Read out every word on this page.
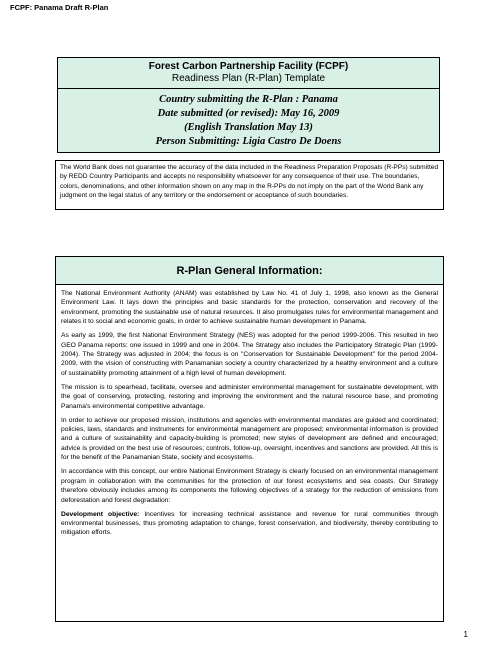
FCPF: Panama Draft R-Plan
Forest Carbon Partnership Facility (FCPF)
Readiness Plan (R-Plan) Template
Country submitting the R-Plan : Panama
Date submitted (or revised): May 16, 2009
(English Translation May 13)
Person Submitting: Ligia Castro De Doens
The World Bank does not guarantee the accuracy of the data included in the Readiness Preparation Proposals (R-PPs) submitted by REDD Country Participants and accepts no responsibility whatsoever for any consequence of their use. The boundaries, colors, denominations, and other information shown on any map in the R-PPs do not imply on the part of the World Bank any judgment on the legal status of any territory or the endorsement or acceptance of such boundaries.
R-Plan General Information:

The National Environment Authority (ANAM) was established by Law No. 41 of July 1, 1998, also known as the General Environment Law. It lays down the principles and basic standards for the protection, conservation and recovery of the environment, promoting the sustainable use of natural resources. It also promulgates rules for environmental management and relates it to social and economic goals, in order to achieve sustainable human development in Panama.

As early as 1999, the first National Environment Strategy (NES) was adopted for the period 1999-2006. This resulted in two GEO Panama reports: one issued in 1999 and one in 2004. The Strategy also includes the Participatory Strategic Plan (1999-2004). The Strategy was adjusted in 2004; the focus is on "Conservation for Sustainable Development" for the period 2004-2009, with the vision of constructing with Panamanian society a country characterized by a healthy environment and a culture of sustainability promoting attainment of a high level of human development.

The mission is to spearhead, facilitate, oversee and administer environmental management for sustainable development, with the goal of conserving, protecting, restoring and improving the environment and the natural resource base, and promoting Panama's environmental competitive advantage.

In order to achieve our proposed mission, institutions and agencies with environmental mandates are guided and coordinated; policies, laws, standards and instruments for environmental management are proposed; environmental information is provided and a culture of sustainability and capacity-building is promoted; new styles of development are defined and encouraged; advice is provided on the best use of resources; controls, follow-up, oversight, incentives and sanctions are provided. All this is for the benefit of the Panamanian State, society and ecosystems.

In accordance with this concept, our entire National Environment Strategy is clearly focused on an environmental management program in collaboration with the communities for the protection of our forest ecosystems and sea coasts. Our Strategy therefore obviously includes among its components the following objectives of a strategy for the reduction of emissions from deforestation and forest degradation:

Development objective: Incentives for increasing technical assistance and revenue for rural communities through environmental businesses, thus promoting adaptation to change, forest conservation, and biodiversity, thereby contributing to mitigation efforts.

1
